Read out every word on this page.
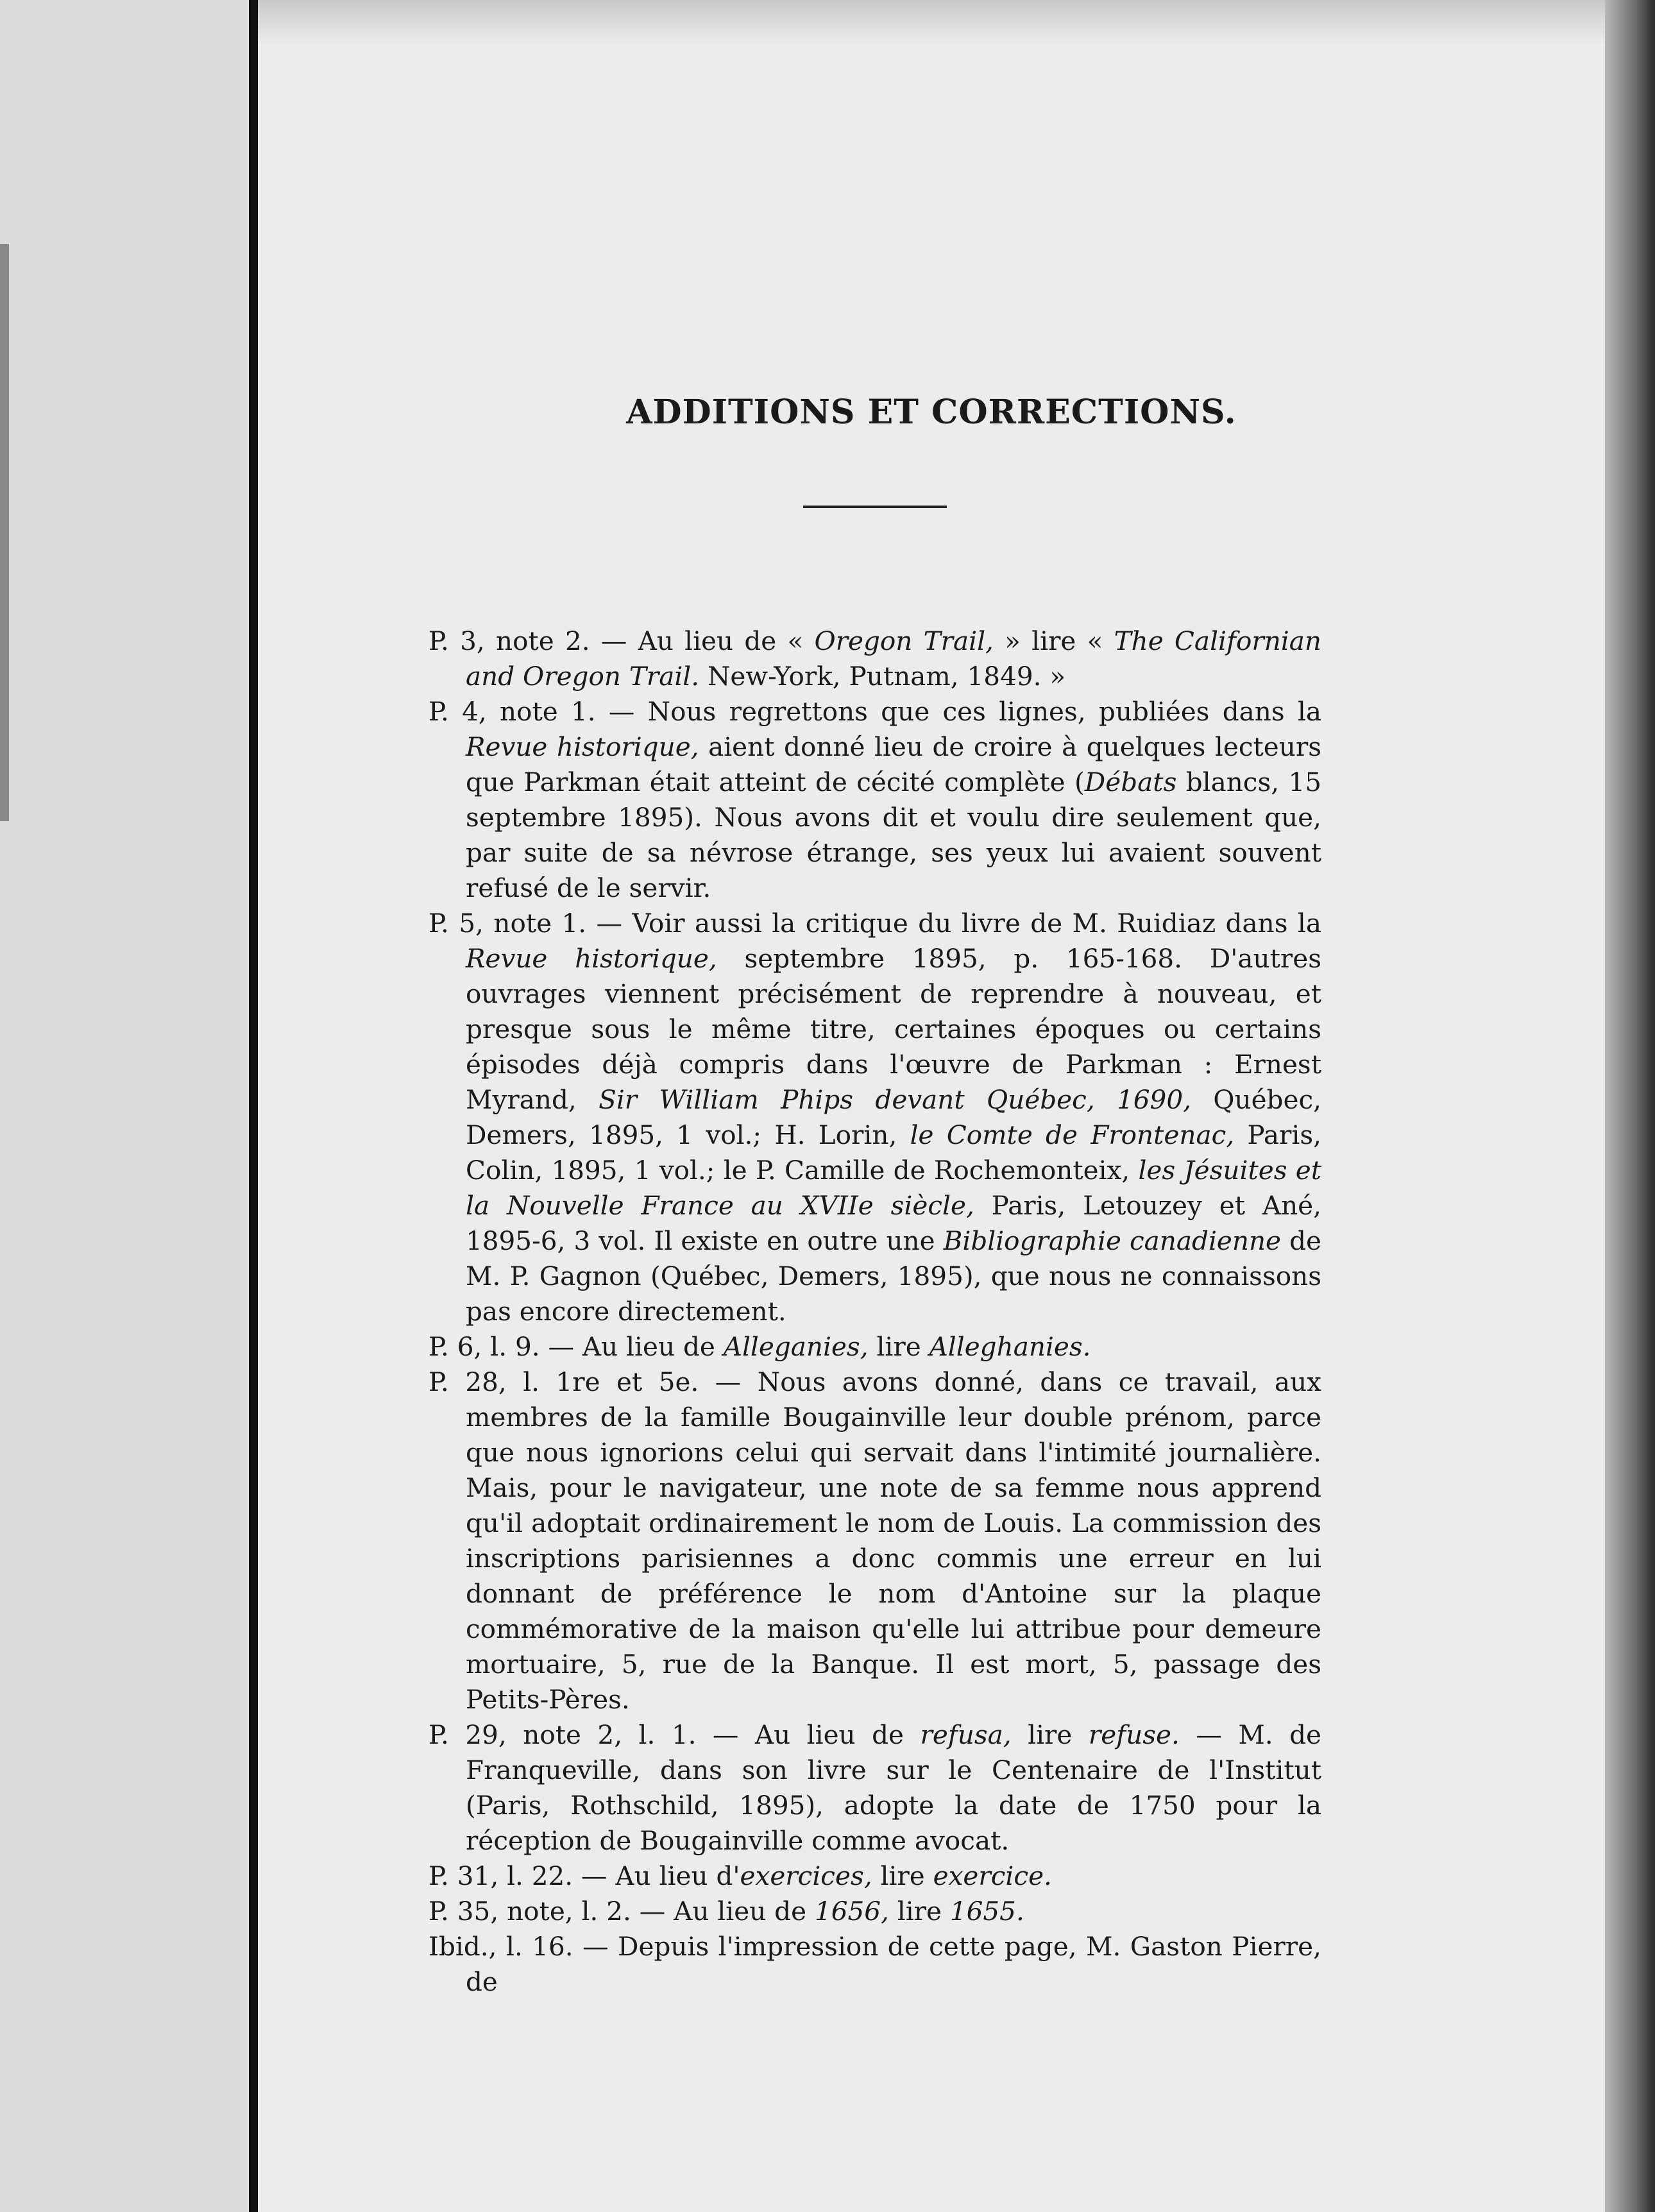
ADDITIONS ET CORRECTIONS.
P. 3, note 2. — Au lieu de « Oregon Trail, » lire « The Californian and Oregon Trail. New-York, Putnam, 1849. »
P. 4, note 1. — Nous regrettons que ces lignes, publiées dans la Revue historique, aient donné lieu de croire à quelques lecteurs que Parkman était atteint de cécité complète (Débats blancs, 15 septembre 1895). Nous avons dit et voulu dire seulement que, par suite de sa névrose étrange, ses yeux lui avaient souvent refusé de le servir.
P. 5, note 1. — Voir aussi la critique du livre de M. Ruidiaz dans la Revue historique, septembre 1895, p. 165-168. D'autres ouvrages viennent précisément de reprendre à nouveau, et presque sous le même titre, certaines époques ou certains épisodes déjà compris dans l'œuvre de Parkman : Ernest Myrand, Sir William Phips devant Québec, 1690, Québec, Demers, 1895, 1 vol.; H. Lorin, le Comte de Frontenac, Paris, Colin, 1895, 1 vol.; le P. Camille de Rochemonteix, les Jésuites et la Nouvelle France au XVIIe siècle, Paris, Letouzey et Ané, 1895-6, 3 vol. Il existe en outre une Bibliographie canadienne de M. P. Gagnon (Québec, Demers, 1895), que nous ne connaissons pas encore directement.
P. 6, l. 9. — Au lieu de Alleganies, lire Alleghanies.
P. 28, l. 1re et 5e. — Nous avons donné, dans ce travail, aux membres de la famille Bougainville leur double prénom, parce que nous ignorions celui qui servait dans l'intimité journalière. Mais, pour le navigateur, une note de sa femme nous apprend qu'il adoptait ordinairement le nom de Louis. La commission des inscriptions parisiennes a donc commis une erreur en lui donnant de préférence le nom d'Antoine sur la plaque commémorative de la maison qu'elle lui attribue pour demeure mortuaire, 5, rue de la Banque. Il est mort, 5, passage des Petits-Pères.
P. 29, note 2, l. 1. — Au lieu de refusa, lire refuse. — M. de Franqueville, dans son livre sur le Centenaire de l'Institut (Paris, Rothschild, 1895), adopte la date de 1750 pour la réception de Bougainville comme avocat.
P. 31, l. 22. — Au lieu d'exercices, lire exercice.
P. 35, note, l. 2. — Au lieu de 1656, lire 1655.
Ibid., l. 16. — Depuis l'impression de cette page, M. Gaston Pierre, de
